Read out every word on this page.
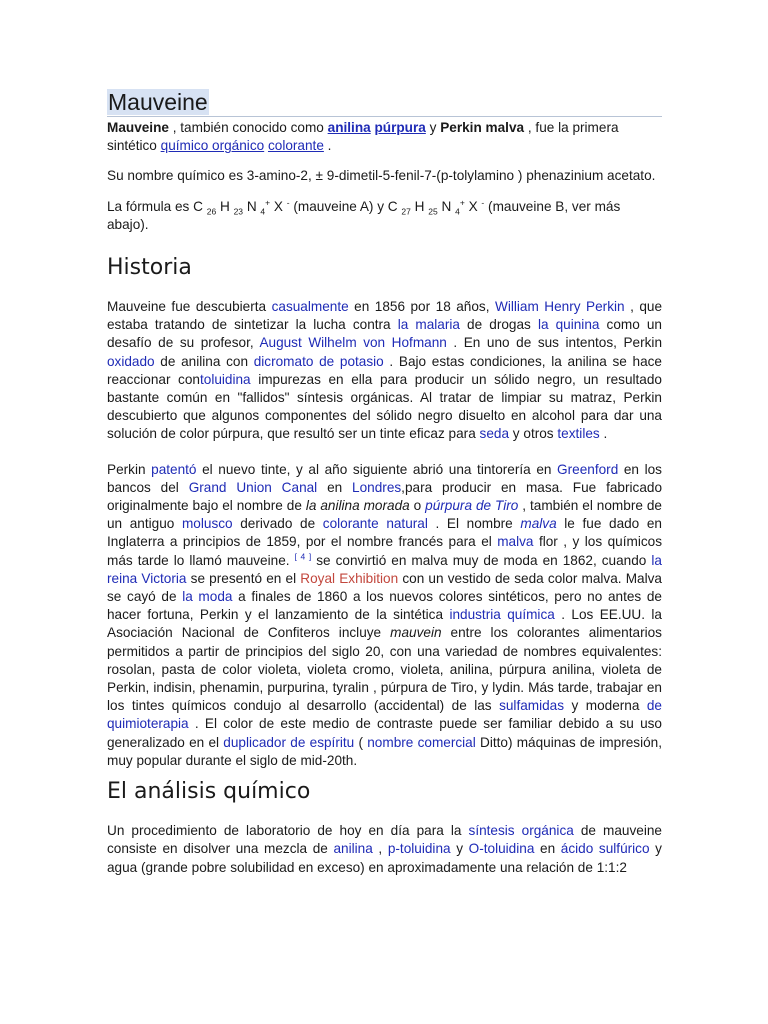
Mauveine

Mauveine , también conocido como anilina púrpura y Perkin malva , fue la primera sintético químico orgánico colorante .

Su nombre químico es 3-amino-2, ± 9-dimetil-5-fenil-7-(p-tolylamino ) phenazinium acetato.

La fórmula es C $_{26}$ H $_{23}$ N $_4$+ X - (mauveine A) y C $_{27}$ H $_{25}$ N $_4$+ X - (mauveine B, ver más abajo).

Historia

Mauveine fue descubierta casualmente en 1856 por 18 años, William Henry Perkin , que estaba tratando de sintetizar la lucha contra la malaria de drogas la quinina como un desafío de su profesor, August Wilhelm von Hofmann . En uno de sus intentos, Perkin oxidado de anilina con dicromato de potasio . Bajo estas condiciones, la anilina se hace reaccionar contoluidina impurezas en ella para producir un sólido negro, un resultado bastante común en "fallidos" síntesis orgánicas. Al tratar de limpiar su matraz, Perkin descubierto que algunos componentes del sólido negro disuelto en alcohol para dar una solución de color púrpura, que resultó ser un tinte eficaz para seda y otros textiles .

Perkin patentó el nuevo tinte, y al año siguiente abrió una tintorería en Greenford en los bancos del Grand Union Canal en Londres,para producir en masa. Fue fabricado originalmente bajo el nombre de la anilina morada o púrpura de Tiro , también el nombre de un antiguo molusco derivado de colorante natural . El nombre malva le fue dado en Inglaterra a principios de 1859, por el nombre francés para el malva flor , y los químicos más tarde lo llamó mauveine. [ 4 ] se convirtió en malva muy de moda en 1862, cuando la reina Victoria se presentó en el Royal Exhibition con un vestido de seda color malva. Malva se cayó de la moda a finales de 1860 a los nuevos colores sintéticos, pero no antes de hacer fortuna, Perkin y el lanzamiento de la sintética industria química . Los EE.UU. la Asociación Nacional de Confiteros incluye mauvein entre los colorantes alimentarios permitidos a partir de principios del siglo 20, con una variedad de nombres equivalentes: rosolan, pasta de color violeta, violeta cromo, violeta, anilina, púrpura anilina, violeta de Perkin, indisin, phenamin, purpurina, tyralin , púrpura de Tiro, y lydin. Más tarde, trabajar en los tintes químicos condujo al desarrollo (accidental) de las sulfamidas y moderna de quimioterapia . El color de este medio de contraste puede ser familiar debido a su uso generalizado en el duplicador de espíritu ( nombre comercial Ditto) máquinas de impresión, muy popular durante el siglo de mid-20th.

El análisis químico

Un procedimiento de laboratorio de hoy en día para la síntesis orgánica de mauveine consiste en disolver una mezcla de anilina , p-toluidina y O-toluidina en ácido sulfúrico y agua (grande pobre solubilidad en exceso) en aproximadamente una relación de 1:1:2
